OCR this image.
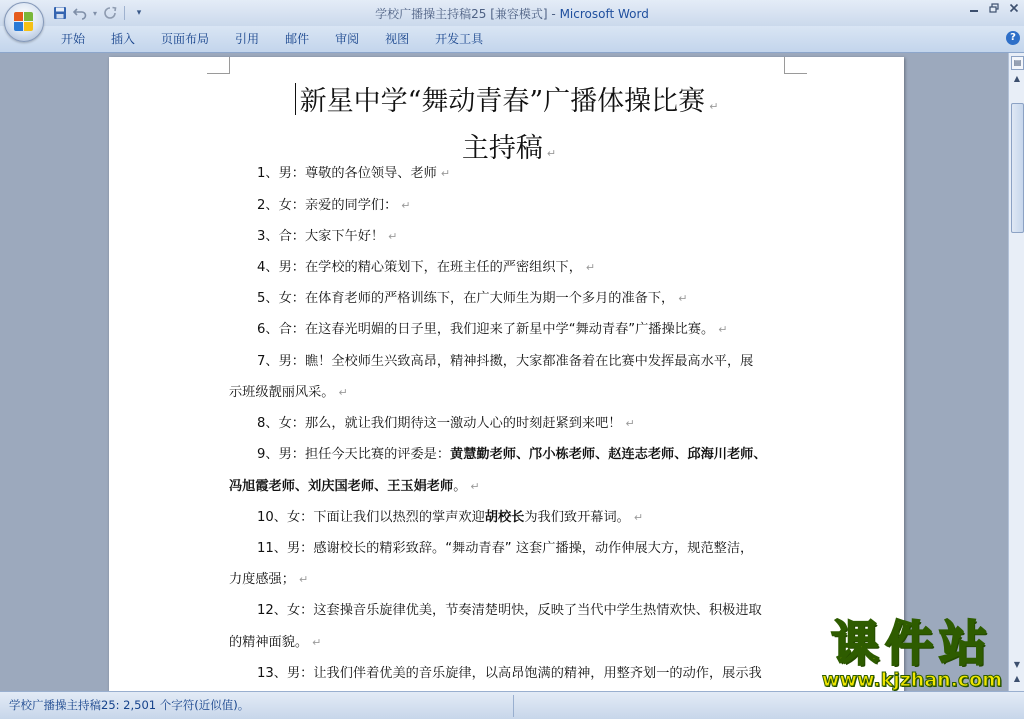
▾	▾	学校广播操主持稿25 [兼容模式] - Microsoft Word
开始	插入	页面布局	引用	邮件	审阅	视图	开发工具	?
新星中学“舞动青春”广播体操比赛 ↵
主持稿 ↵
1、男：尊敬的各位领导、老师 ↵
2、女：亲爱的同学们： ↵
3、合：大家下午好！ ↵
4、男：在学校的精心策划下，在班主任的严密组织下， ↵
5、女：在体育老师的严格训练下，在广大师生为期一个多月的准备下， ↵
6、合：在这春光明媚的日子里，我们迎来了新星中学“舞动青春”广播操比赛。 ↵
7、男：瞧！全校师生兴致高昂，精神抖擞，大家都准备着在比赛中发挥最高水平，展
示班级靓丽风采。 ↵
8、女：那么，就让我们期待这一激动人心的时刻赶紧到来吧！ ↵
9、男：担任今天比赛的评委是：黄慧勤老师、邝小栋老师、赵连志老师、邱海川老师、
冯旭霞老师、刘庆国老师、王玉娟老师。 ↵
10、女：下面让我们以热烈的掌声欢迎胡校长为我们致开幕词。 ↵
11、男：感谢校长的精彩致辞。“舞动青春” 这套广播操，动作伸展大方，规范整洁，
力度感强； ↵
12、女：这套操音乐旋律优美，节奏清楚明快，反映了当代中学生热情欢快、积极进取
的精神面貌。 ↵
13、男：让我们伴着优美的音乐旋律，以高昂饱满的精神，用整齐划一的动作，展示我
▤
▲
▼
▲
课件站
www.kjzhan.com
学校广播操主持稿25: 2,501 个字符(近似值)。
